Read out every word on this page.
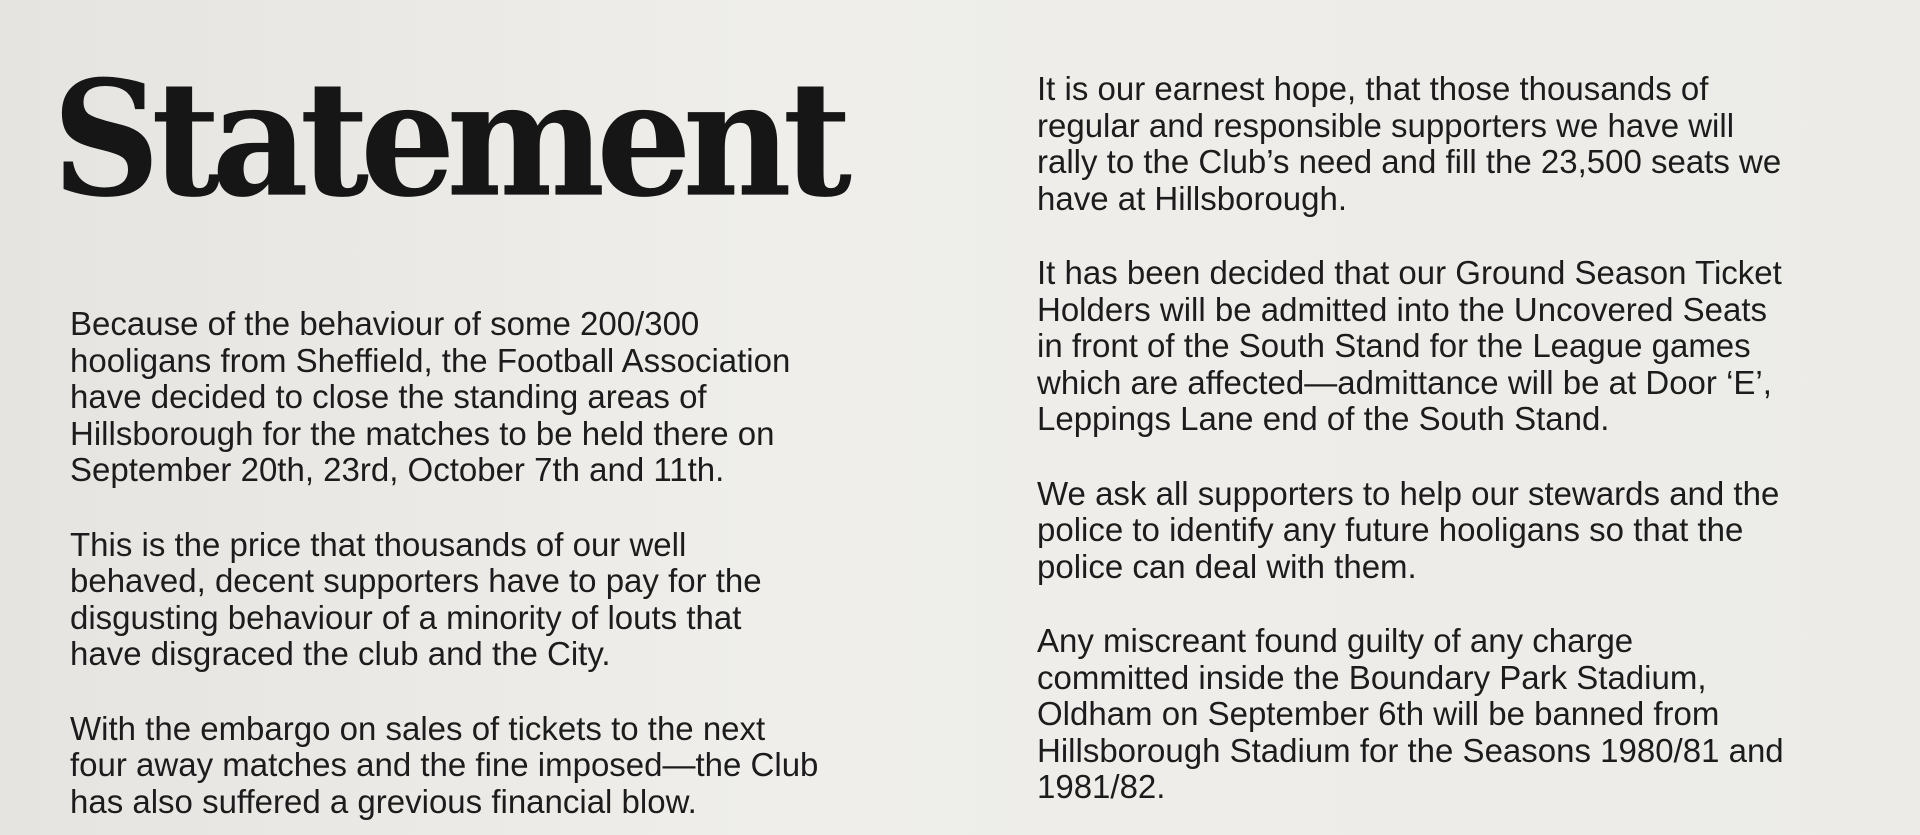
Statement

Because of the behaviour of some 200/300
hooligans from Sheffield, the Football Association
have decided to close the standing areas of
Hillsborough for the matches to be held there on
September 20th, 23rd, October 7th and 11th.

This is the price that thousands of our well
behaved, decent supporters have to pay for the
disgusting behaviour of a minority of louts that
have disgraced the club and the City.

With the embargo on sales of tickets to the next
four away matches and the fine imposed—the Club
has also suffered a grevious financial blow.

It is our earnest hope, that those thousands of
regular and responsible supporters we have will
rally to the Club’s need and fill the 23,500 seats we
have at Hillsborough.

It has been decided that our Ground Season Ticket
Holders will be admitted into the Uncovered Seats
in front of the South Stand for the League games
which are affected—admittance will be at Door ‘E’,
Leppings Lane end of the South Stand.

We ask all supporters to help our stewards and the
police to identify any future hooligans so that the
police can deal with them.

Any miscreant found guilty of any charge
committed inside the Boundary Park Stadium,
Oldham on September 6th will be banned from
Hillsborough Stadium for the Seasons 1980/81 and
1981/82.
